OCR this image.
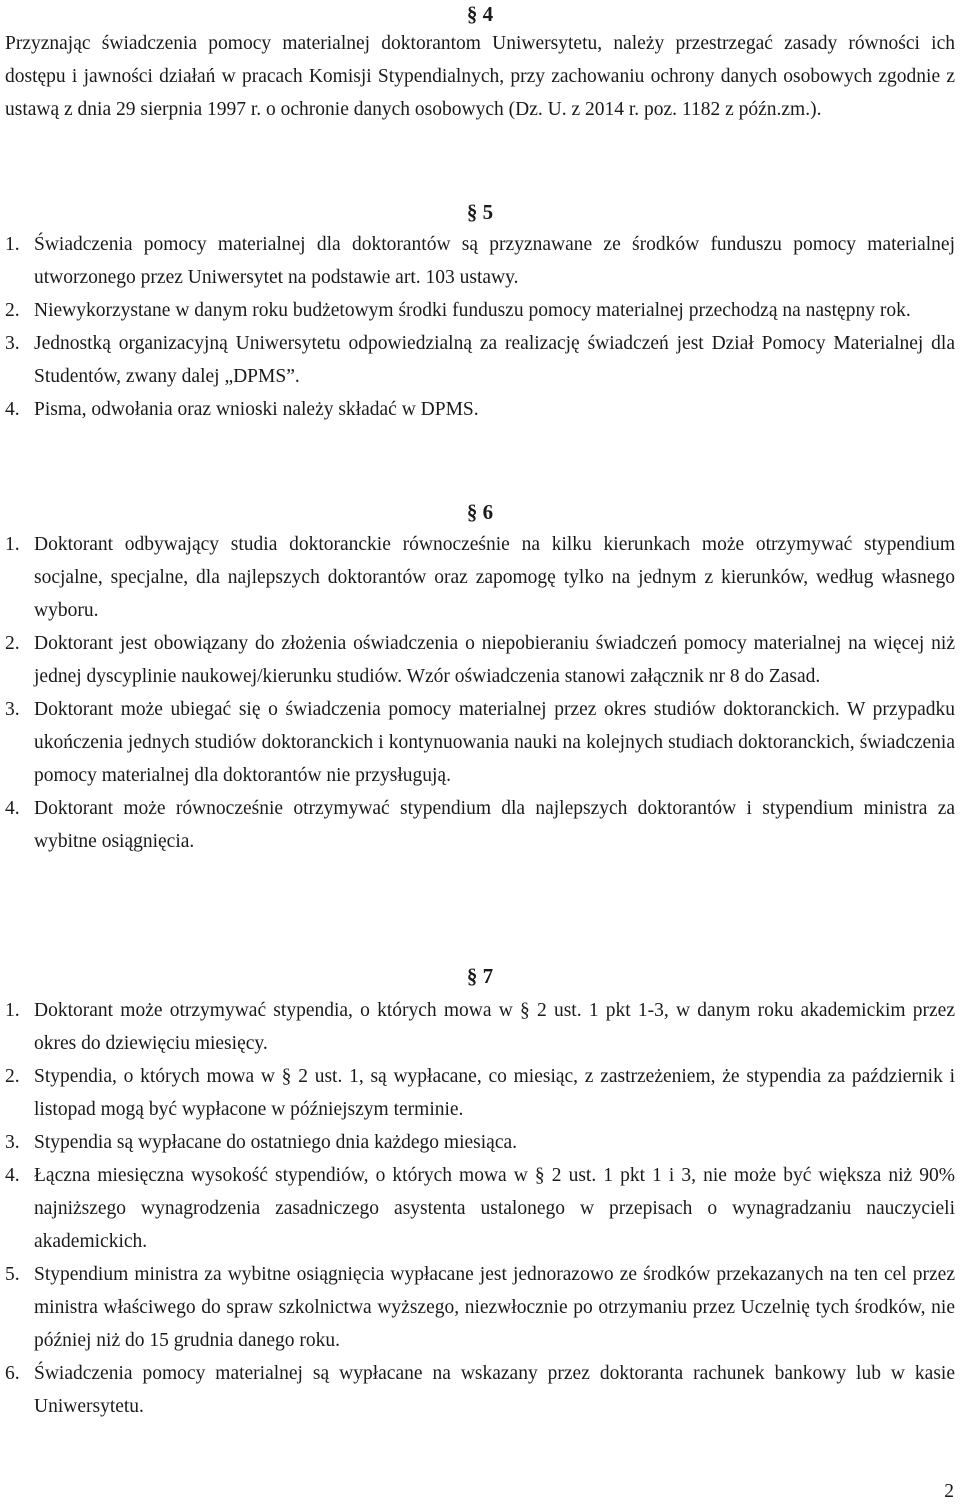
§ 4
Przyznając świadczenia pomocy materialnej doktorantom Uniwersytetu, należy przestrzegać zasady równości ich dostępu i jawności działań w pracach Komisji Stypendialnych, przy zachowaniu ochrony danych osobowych zgodnie z ustawą z dnia 29 sierpnia 1997 r. o ochronie danych osobowych (Dz. U. z 2014 r. poz. 1182 z późn.zm.).
§ 5
1. Świadczenia pomocy materialnej dla doktorantów są przyznawane ze środków funduszu pomocy materialnej utworzonego przez Uniwersytet na podstawie art. 103 ustawy.
2. Niewykorzystane w danym roku budżetowym środki funduszu pomocy materialnej przechodzą na następny rok.
3. Jednostką organizacyjną Uniwersytetu odpowiedzialną za realizację świadczeń jest Dział Pomocy Materialnej dla Studentów, zwany dalej „DPMS”.
4. Pisma, odwołania oraz wnioski należy składać w DPMS.
§ 6
1. Doktorant odbywający studia doktoranckie równocześnie na kilku kierunkach może otrzymywać stypendium socjalne, specjalne, dla najlepszych doktorantów oraz zapomogę tylko na jednym z kierunków, według własnego wyboru.
2. Doktorant jest obowiązany do złożenia oświadczenia o niepobieraniu świadczeń pomocy materialnej na więcej niż jednej dyscyplinie naukowej/kierunku studiów. Wzór oświadczenia stanowi załącznik nr 8 do Zasad.
3. Doktorant może ubiegać się o świadczenia pomocy materialnej przez okres studiów doktoranckich. W przypadku ukończenia jednych studiów doktoranckich i kontynuowania nauki na kolejnych studiach doktoranckich, świadczenia pomocy materialnej dla doktorantów nie przysługują.
4. Doktorant może równocześnie otrzymywać stypendium dla najlepszych doktorantów i stypendium ministra za wybitne osiągnięcia.
§ 7
1. Doktorant może otrzymywać stypendia, o których mowa w § 2 ust. 1 pkt 1-3, w danym roku akademickim przez okres do dziewięciu miesięcy.
2. Stypendia, o których mowa w § 2 ust. 1, są wypłacane, co miesiąc, z zastrzeżeniem, że stypendia za październik i listopad mogą być wypłacone w późniejszym terminie.
3. Stypendia są wypłacane do ostatniego dnia każdego miesiąca.
4. Łączna miesięczna wysokość stypendiów, o których mowa w § 2 ust. 1 pkt 1 i 3, nie może być większa niż 90% najniższego wynagrodzenia zasadniczego asystenta ustalonego w przepisach o wynagradzaniu nauczycieli akademickich.
5. Stypendium ministra za wybitne osiągnięcia wypłacane jest jednorazowo ze środków przekazanych na ten cel przez ministra właściwego do spraw szkolnictwa wyższego, niezwłocznie po otrzymaniu przez Uczelnię tych środków, nie później niż do 15 grudnia danego roku.
6. Świadczenia pomocy materialnej są wypłacane na wskazany przez doktoranta rachunek bankowy lub w kasie Uniwersytetu.
2
